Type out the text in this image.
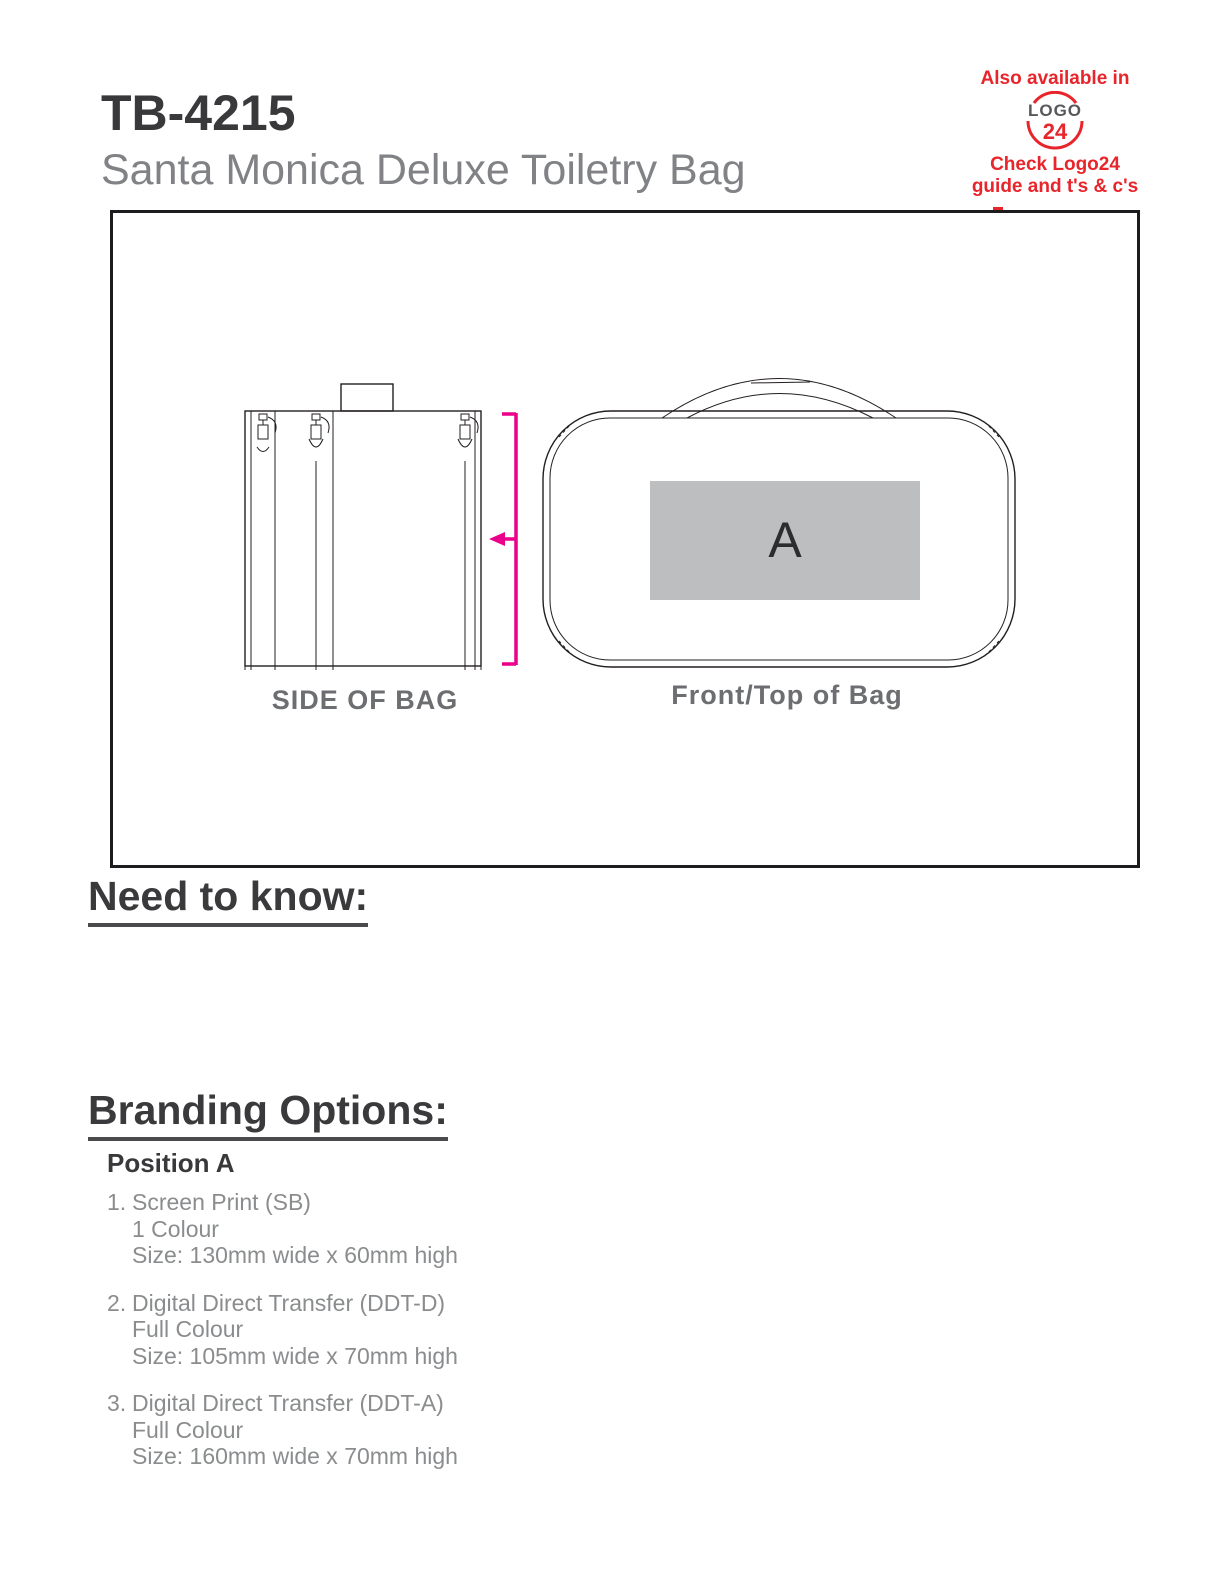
TB-4215
Santa Monica Deluxe Toiletry Bag
Also available in
LOGO
24
Check Logo24
guide and t's & c's
SIDE OF BAG
A
Front/Top of Bag
Need to know:
Branding Options:
Position A
1. Screen Print (SB)
1 Colour
Size: 130mm wide x 60mm high
2. Digital Direct Transfer (DDT-D)
Full Colour
Size: 105mm wide x 70mm high
3. Digital Direct Transfer (DDT-A)
Full Colour
Size: 160mm wide x 70mm high
